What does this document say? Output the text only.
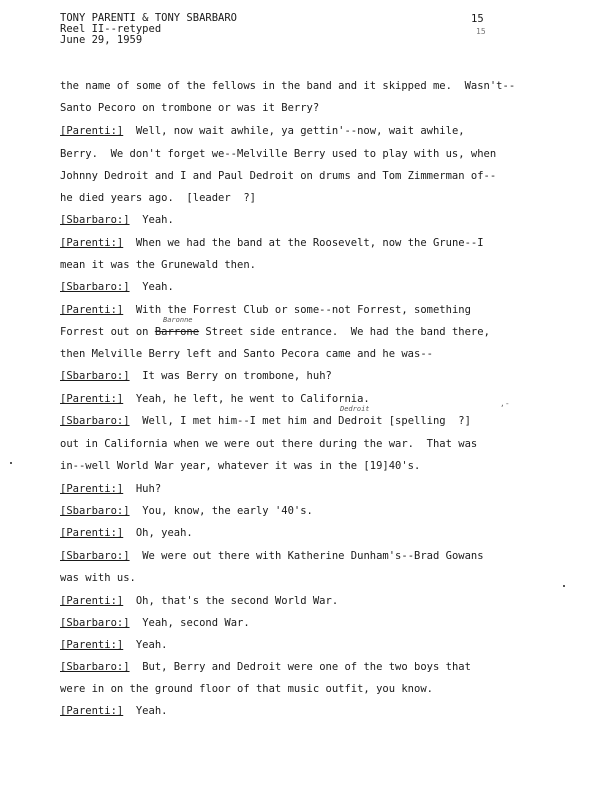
TONY PARENTI & TONY SBARBARO
Reel II--retyped
June 29, 1959
15
15
the name of some of the fellows in the band and it skipped me.  Wasn't--
Santo Pecoro on trombone or was it Berry?
[Parenti:]  Well, now wait awhile, ya gettin'--now, wait awhile,
Berry.  We don't forget we--Melville Berry used to play with us, when
Johnny Dedroit and I and Paul Dedroit on drums and Tom Zimmerman of--
he died years ago.  [leader  ?]
[Sbarbaro:]  Yeah.
[Parenti:]  When we had the band at the Roosevelt, now the Grune--I
mean it was the Grunewald then.
[Sbarbaro:]  Yeah.
[Parenti:]  With the Forrest Club or some--not Forrest, something
Baronne
Forrest out on Barrone Street side entrance.  We had the band there,
then Melville Berry left and Santo Pecora came and he was--
[Sbarbaro:]  It was Berry on trombone, huh?
[Parenti:]  Yeah, he left, he went to California.
Dedroit
,-
[Sbarbaro:]  Well, I met him--I met him and Dedroit [spelling  ?]
out in California when we were out there during the war.  That was
in--well World War year, whatever it was in the [19]40's.
[Parenti:]  Huh?
[Sbarbaro:]  You, know, the early '40's.
[Parenti:]  Oh, yeah.
[Sbarbaro:]  We were out there with Katherine Dunham's--Brad Gowans
was with us.
[Parenti:]  Oh, that's the second World War.
[Sbarbaro:]  Yeah, second War.
[Parenti:]  Yeah.
[Sbarbaro:]  But, Berry and Dedroit were one of the two boys that
were in on the ground floor of that music outfit, you know.
[Parenti:]  Yeah.
